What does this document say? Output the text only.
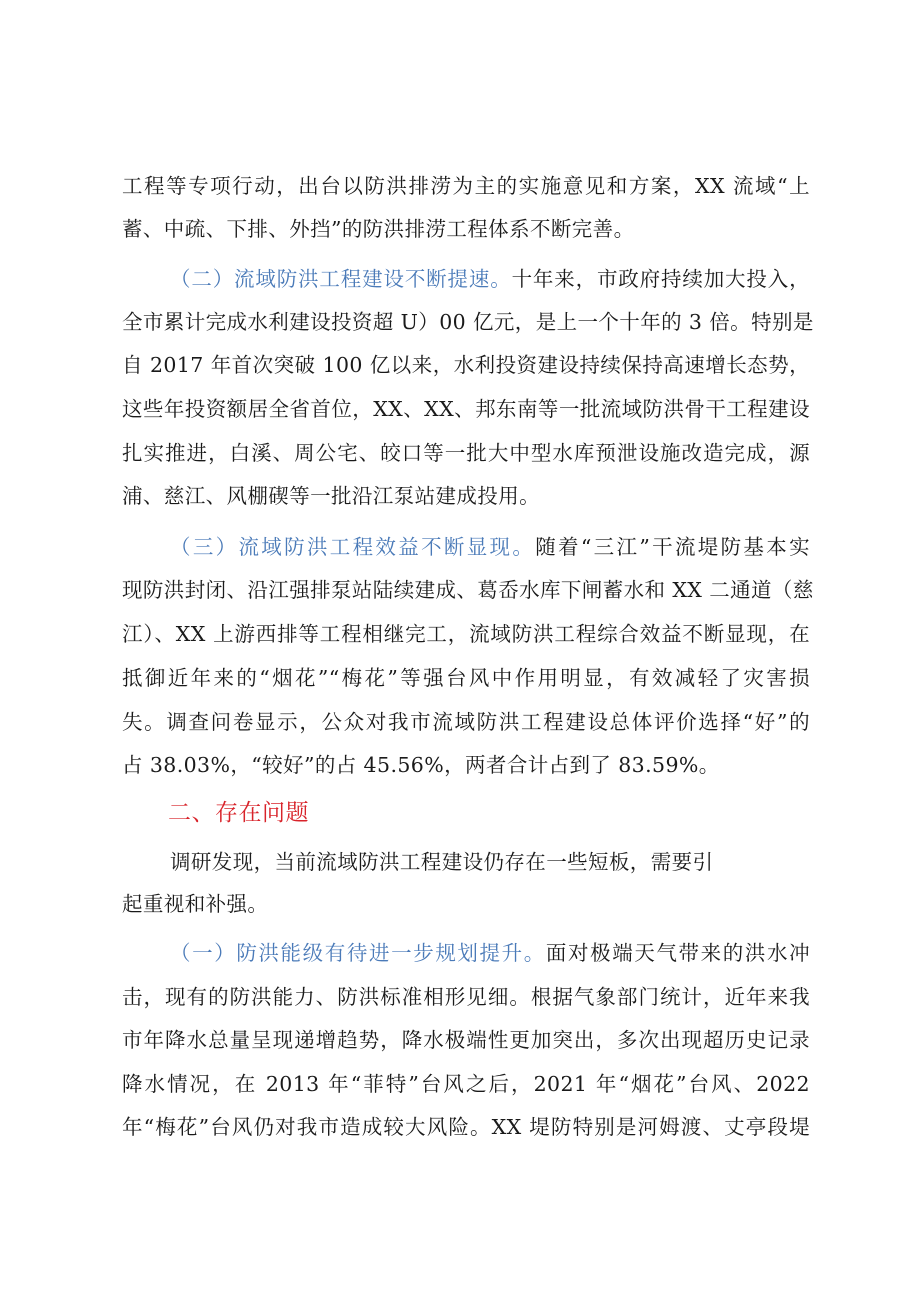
工程等专项行动，出台以防洪排涝为主的实施意见和方案，XX 流域“上
蓄、中疏、下排、外挡”的防洪排涝工程体系不断完善。
（二）流域防洪工程建设不断提速。十年来，市政府持续加大投入，
全市累计完成水利建设投资超 U）00 亿元，是上一个十年的 3 倍。特别是
自 2017 年首次突破 100 亿以来，水利投资建设持续保持高速增长态势，
这些年投资额居全省首位，XX、XX、邦东南等一批流域防洪骨干工程建设
扎实推进，白溪、周公宅、皎口等一批大中型水库预泄设施改造完成，源
浦、慈江、风棚碶等一批沿江泵站建成投用。
（三）流域防洪工程效益不断显现。随着“三江”干流堤防基本实
现防洪封闭、沿江强排泵站陆续建成、葛岙水库下闸蓄水和 XX 二通道（慈
江）、XX 上游西排等工程相继完工，流域防洪工程综合效益不断显现，在
抵御近年来的“烟花”“梅花”等强台风中作用明显，有效减轻了灾害损
失。调查问卷显示，公众对我市流域防洪工程建设总体评价选择“好”的
占 38.03%，“较好”的占 45.56%，两者合计占到了 83.59%。
二、存在问题
调研发现，当前流域防洪工程建设仍存在一些短板，需要引
起重视和补强。
（一）防洪能级有待进一步规划提升。面对极端天气带来的洪水冲
击，现有的防洪能力、防洪标准相形见细。根据气象部门统计，近年来我
市年降水总量呈现递增趋势，降水极端性更加突出，多次出现超历史记录
降水情况，在 2013 年“菲特”台风之后，2021 年“烟花”台风、2022
年“梅花”台风仍对我市造成较大风险。XX 堤防特别是河姆渡、丈亭段堤
